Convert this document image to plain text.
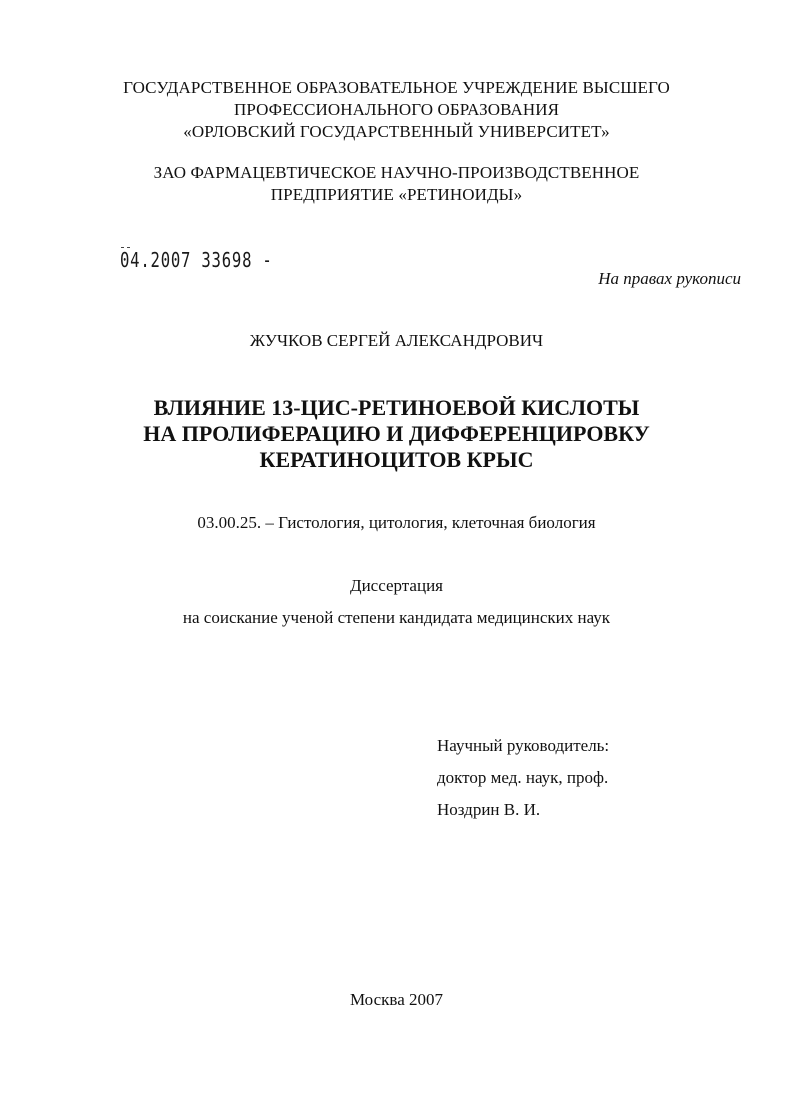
ГОСУДАРСТВЕННОЕ ОБРАЗОВАТЕЛЬНОЕ УЧРЕЖДЕНИЕ ВЫСШЕГО
ПРОФЕССИОНАЛЬНОГО ОБРАЗОВАНИЯ
«ОРЛОВСКИЙ ГОСУДАРСТВЕННЫЙ УНИВЕРСИТЕТ»
ЗАО ФАРМАЦЕВТИЧЕСКОЕ НАУЧНО-ПРОИЗВОДСТВЕННОЕ
ПРЕДПРИЯТИЕ «РЕТИНОИДЫ»
04.2007 33698 -
На правах рукописи
ЖУЧКОВ СЕРГЕЙ АЛЕКСАНДРОВИЧ
ВЛИЯНИЕ 13-ЦИС-РЕТИНОЕВОЙ КИСЛОТЫ
НА ПРОЛИФЕРАЦИЮ И ДИФФЕРЕНЦИРОВКУ
КЕРАТИНОЦИТОВ КРЫС
03.00.25. – Гистология, цитология, клеточная биология
Диссертация
на соискание ученой степени кандидата медицинских наук
Научный руководитель:
доктор мед. наук, проф.
Ноздрин В. И.
Москва 2007
